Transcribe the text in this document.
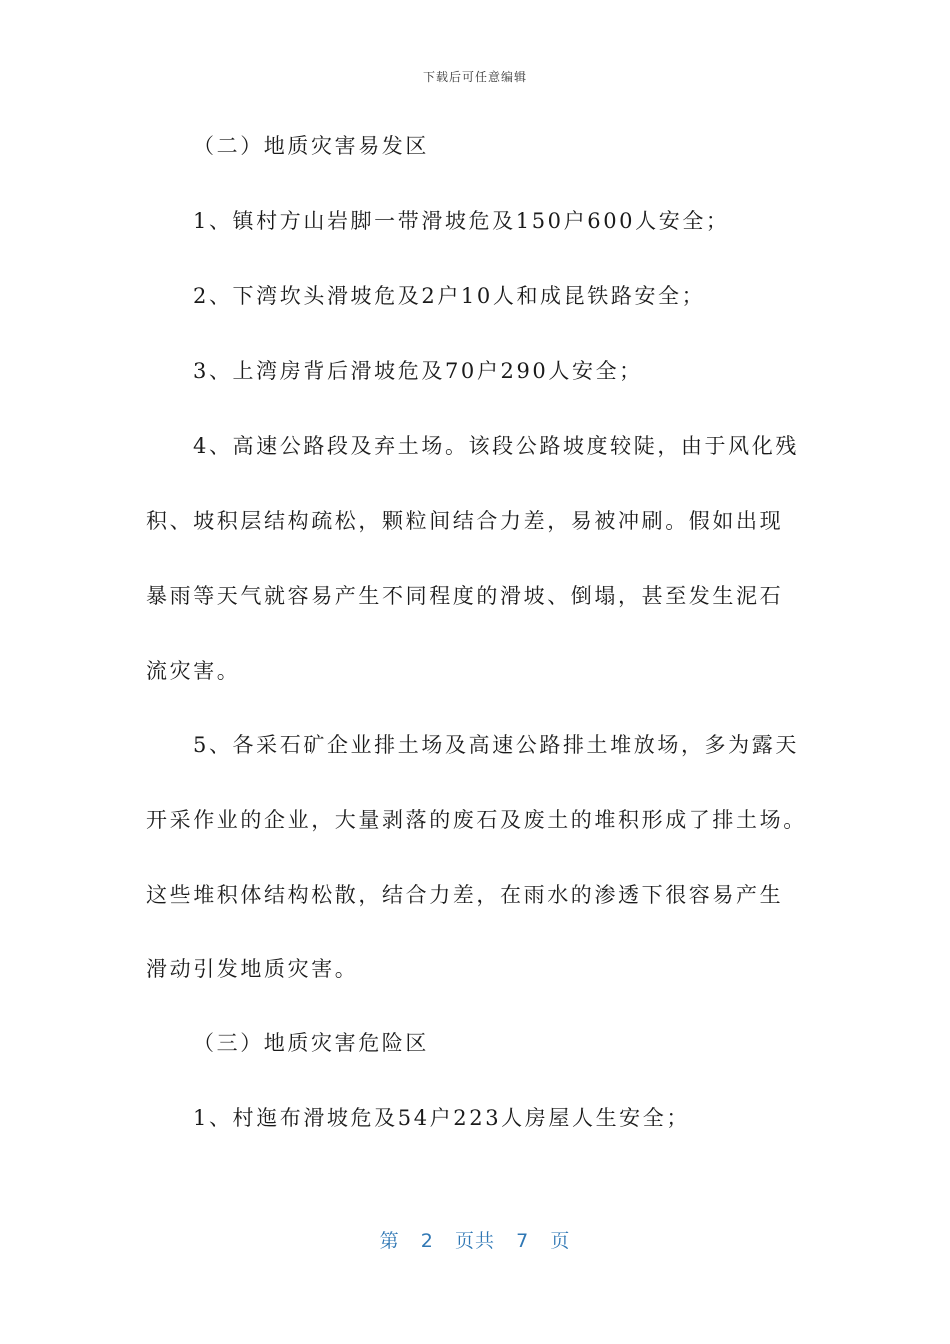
下载后可任意编辑
（二）地质灾害易发区
1、镇村方山岩脚一带滑坡危及150户600人安全；
2、下湾坎头滑坡危及2户10人和成昆铁路安全；
3、上湾房背后滑坡危及70户290人安全；
4、高速公路段及弃土场。该段公路坡度较陡，由于风化残
积、坡积层结构疏松，颗粒间结合力差，易被冲刷。假如出现
暴雨等天气就容易产生不同程度的滑坡、倒塌，甚至发生泥石
流灾害。
5、各采石矿企业排土场及高速公路排土堆放场，多为露天
开采作业的企业，大量剥落的废石及废土的堆积形成了排土场。
这些堆积体结构松散，结合力差，在雨水的渗透下很容易产生
滑动引发地质灾害。
（三）地质灾害危险区
1、村迤布滑坡危及54户223人房屋人生安全；
第 2 页共 7 页
